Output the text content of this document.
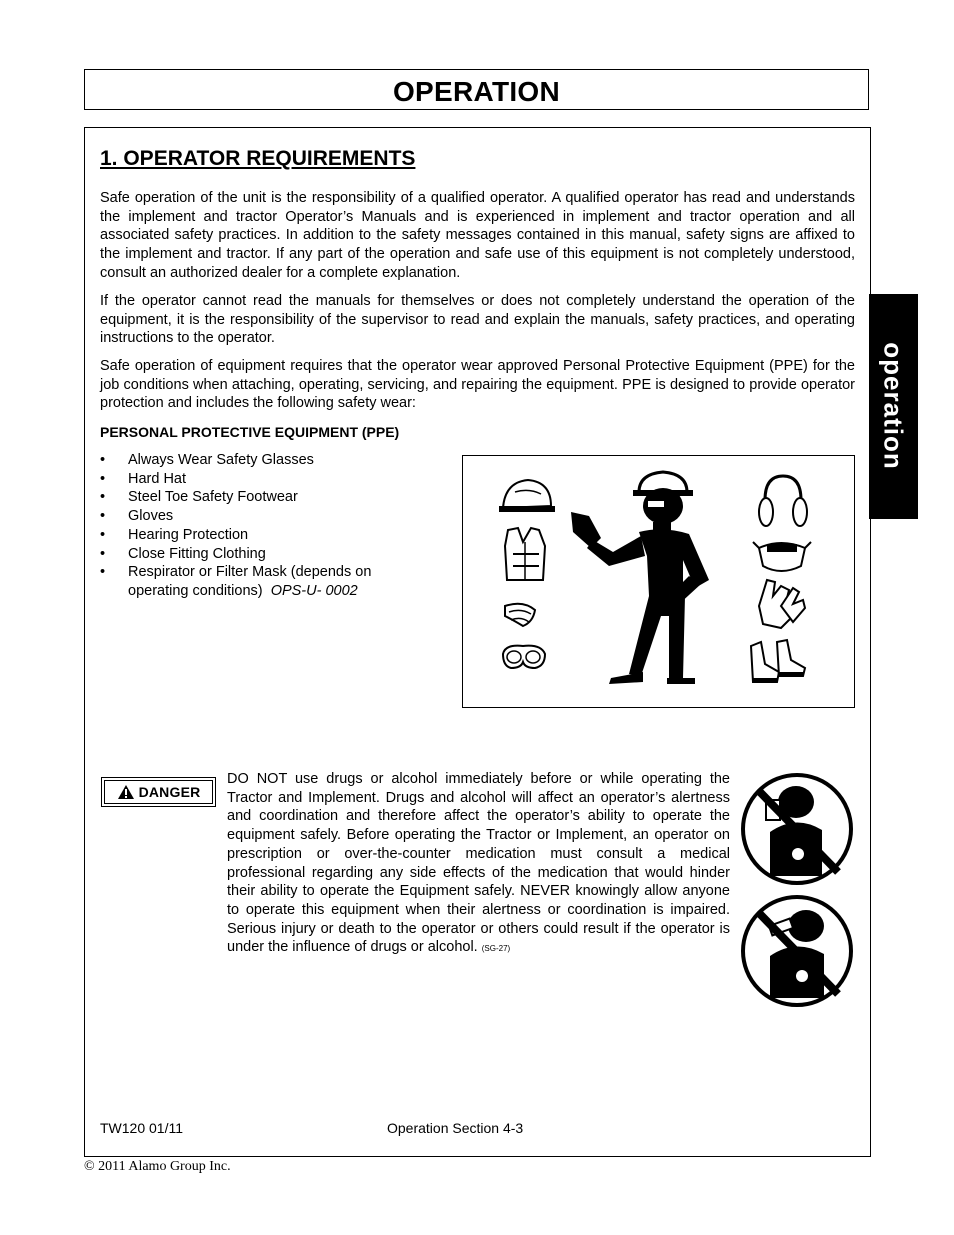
OPERATION
1. OPERATOR REQUIREMENTS

Safe operation of the unit is the responsibility of a qualified operator. A qualified operator has read and understands the implement and tractor Operator’s Manuals and is experienced in implement and tractor operation and all associated safety practices. In addition to the safety messages contained in this manual, safety signs are affixed to the implement and tractor. If any part of the operation and safe use of this equipment is not completely understood, consult an authorized dealer for a complete explanation.

If the operator cannot read the manuals for themselves or does not completely understand the operation of the equipment, it is the responsibility of the supervisor to read and explain the manuals, safety practices, and operating instructions to the operator.

Safe operation of equipment requires that the operator wear approved Personal Protective Equipment (PPE) for the job conditions when attaching, operating, servicing, and repairing the equipment. PPE is designed to provide operator protection and includes the following safety wear:

PERSONAL PROTECTIVE EQUIPMENT (PPE)
• Always Wear Safety Glasses
• Hard Hat
• Steel Toe Safety Footwear
• Gloves
• Hearing Protection
• Close Fitting Clothing
• Respirator or Filter Mask (depends on operating conditions) OPS-U- 0002
DANGER

DO NOT use drugs or alcohol immediately before or while operating the Tractor and Implement. Drugs and alcohol will affect an operator’s alertness and coordination and therefore affect the operator’s ability to operate the equipment safely. Before operating the Tractor or Implement, an operator on prescription or over-the-counter medication must consult a medical professional regarding any side effects of the medication that would hinder their ability to operate the Equipment safely. NEVER knowingly allow anyone to operate this equipment when their alertness or coordination is impaired. Serious injury or death to the operator or others could result if the operator is under the influence of drugs or alcohol. (SG-27)

operation
TW120 01/11	Operation Section 4-3
© 2011 Alamo Group Inc.
